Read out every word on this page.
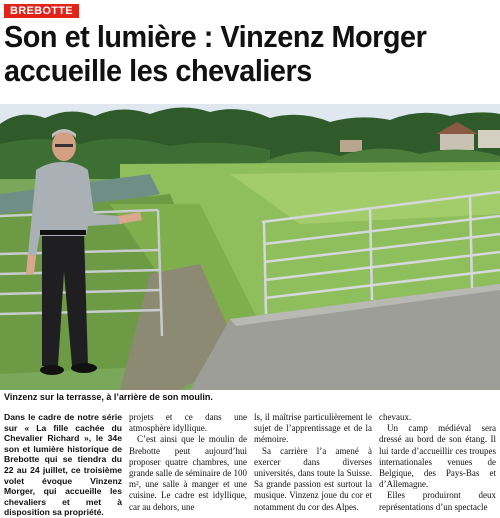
BREBOTTE
Son et lumière : Vinzenz Morger
accueille les chevaliers
Vinzenz sur la terrasse, à l’arrière de son moulin.

Dans le cadre de notre série sur « La fille cachée du Chevalier Richard », le 34e son et lumière historique de Brebotte qui se tiendra du 22 au 24 juillet, ce troisième volet évoque Vinzenz Morger, qui accueille les chevaliers et met à disposition sa propriété.

projets et ce dans une atmosphère idyllique.

C’est ainsi que le moulin de Brebotte peut aujourd’hui proposer quatre chambres, une grande salle de séminaire de 100 m², une salle à manger et une cuisine. Le cadre est idyllique, car au dehors, une

ls, il maîtrise particulièrement le sujet de l’apprentissage et de la mémoire.

Sa carrière l’a amené à exercer dans diverses universités, dans toute la Suisse. Sa grande passion est surtout la musique. Vinzenz joue du cor et notamment du cor des Alpes.

chevaux.

Un camp médiéval sera dressé au bord de son étang. Il lui tarde d’accueillir ces troupes internationales venues de Belgique, des Pays-Bas et d’Allemagne.

Elles produiront deux représentations d’un spectacle
